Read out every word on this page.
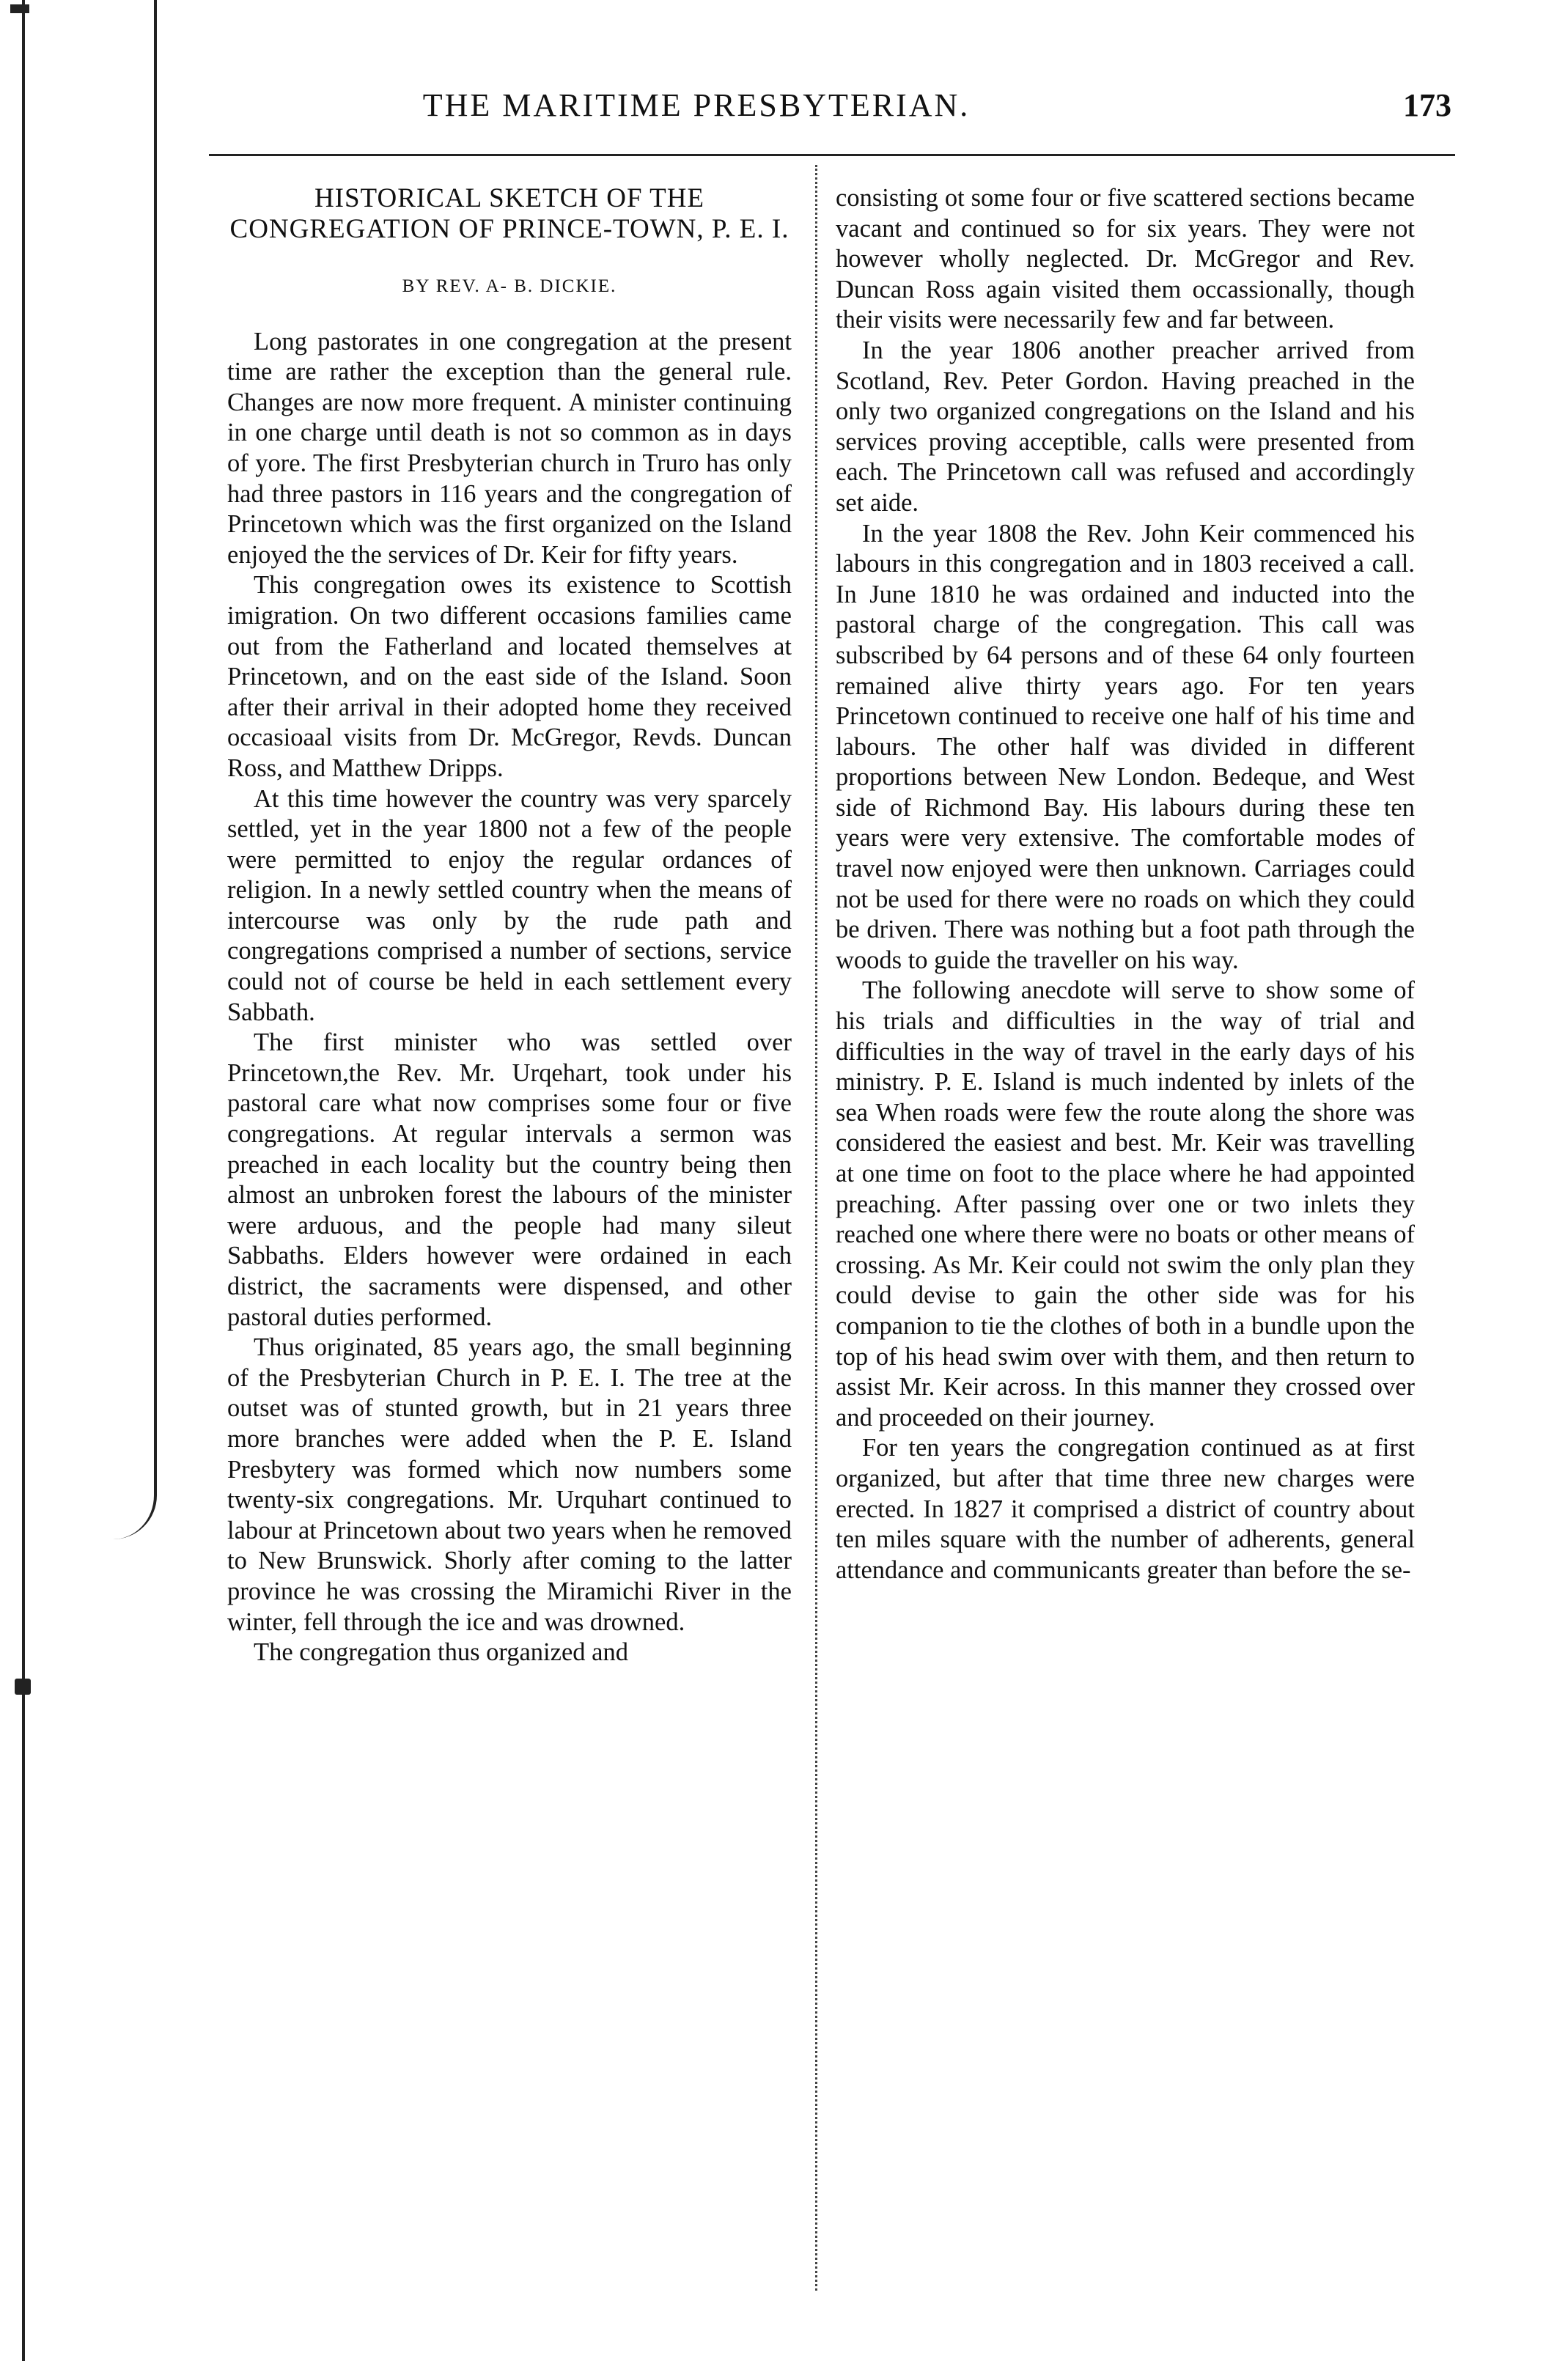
THE MARITIME PRESBYTERIAN.	173
HISTORICAL SKETCH OF THE CONGREGATION OF PRINCE-TOWN, P. E. I.
BY REV. A- B. DICKIE.

Long pastorates in one congregation at the present time are rather the exception than the general rule. Changes are now more frequent. A minister continuing in one charge until death is not so common as in days of yore. The first Presbyterian church in Truro has only had three pastors in 116 years and the congregation of Princetown which was the first organized on the Island enjoyed the the services of Dr. Keir for fifty years.

This congregation owes its existence to Scottish imigration. On two different occasions families came out from the Fatherland and located themselves at Princetown, and on the east side of the Island. Soon after their arrival in their adopted home they received occasioaal visits from Dr. McGregor, Revds. Duncan Ross, and Matthew Dripps.

At this time however the country was very sparcely settled, yet in the year 1800 not a few of the people were permitted to enjoy the regular ordances of religion. In a newly settled country when the means of intercourse was only by the rude path and congregations comprised a number of sections, service could not of course be held in each settlement every Sabbath.

The first minister who was settled over Princetown,the Rev. Mr. Urqehart, took under his pastoral care what now comprises some four or five congregations. At regular intervals a sermon was preached in each locality but the country being then almost an unbroken forest the labours of the minister were arduous, and the people had many sileut Sabbaths. Elders however were ordained in each district, the sacraments were dispensed, and other pastoral duties performed.

Thus originated, 85 years ago, the small beginning of the Presbyterian Church in P. E. I. The tree at the outset was of stunted growth, but in 21 years three more branches were added when the P. E. Island Presbytery was formed which now numbers some twenty-six congregations. Mr. Urquhart continued to labour at Princetown about two years when he removed to New Brunswick. Shorly after coming to the latter province he was crossing the Miramichi River in the winter, fell through the ice and was drowned.

The congregation thus organized and

consisting ot some four or five scattered sections became vacant and continued so for six years. They were not however wholly neglected. Dr. McGregor and Rev. Duncan Ross again visited them occassionally, though their visits were necessarily few and far between.

In the year 1806 another preacher arrived from Scotland, Rev. Peter Gordon. Having preached in the only two organized congregations on the Island and his services proving acceptible, calls were presented from each. The Princetown call was refused and accordingly set aide.

In the year 1808 the Rev. John Keir commenced his labours in this congregation and in 1803 received a call. In June 1810 he was ordained and inducted into the pastoral charge of the congregation. This call was subscribed by 64 persons and of these 64 only fourteen remained alive thirty years ago. For ten years Princetown continued to receive one half of his time and labours. The other half was divided in different proportions between New London. Bedeque, and West side of Richmond Bay. His labours during these ten years were very extensive. The comfortable modes of travel now enjoyed were then unknown. Carriages could not be used for there were no roads on which they could be driven. There was nothing but a foot path through the woods to guide the traveller on his way.

The following anecdote will serve to show some of his trials and difficulties in the way of trial and difficulties in the way of travel in the early days of his ministry. P. E. Island is much indented by inlets of the sea When roads were few the route along the shore was considered the easiest and best. Mr. Keir was travelling at one time on foot to the place where he had appointed preaching. After passing over one or two inlets they reached one where there were no boats or other means of crossing. As Mr. Keir could not swim the only plan they could devise to gain the other side was for his companion to tie the clothes of both in a bundle upon the top of his head swim over with them, and then return to assist Mr. Keir across. In this manner they crossed over and proceeded on their journey.

For ten years the congregation continued as at first organized, but after that time three new charges were erected. In 1827 it comprised a district of country about ten miles square with the number of adherents, general attendance and communicants greater than before the se-
